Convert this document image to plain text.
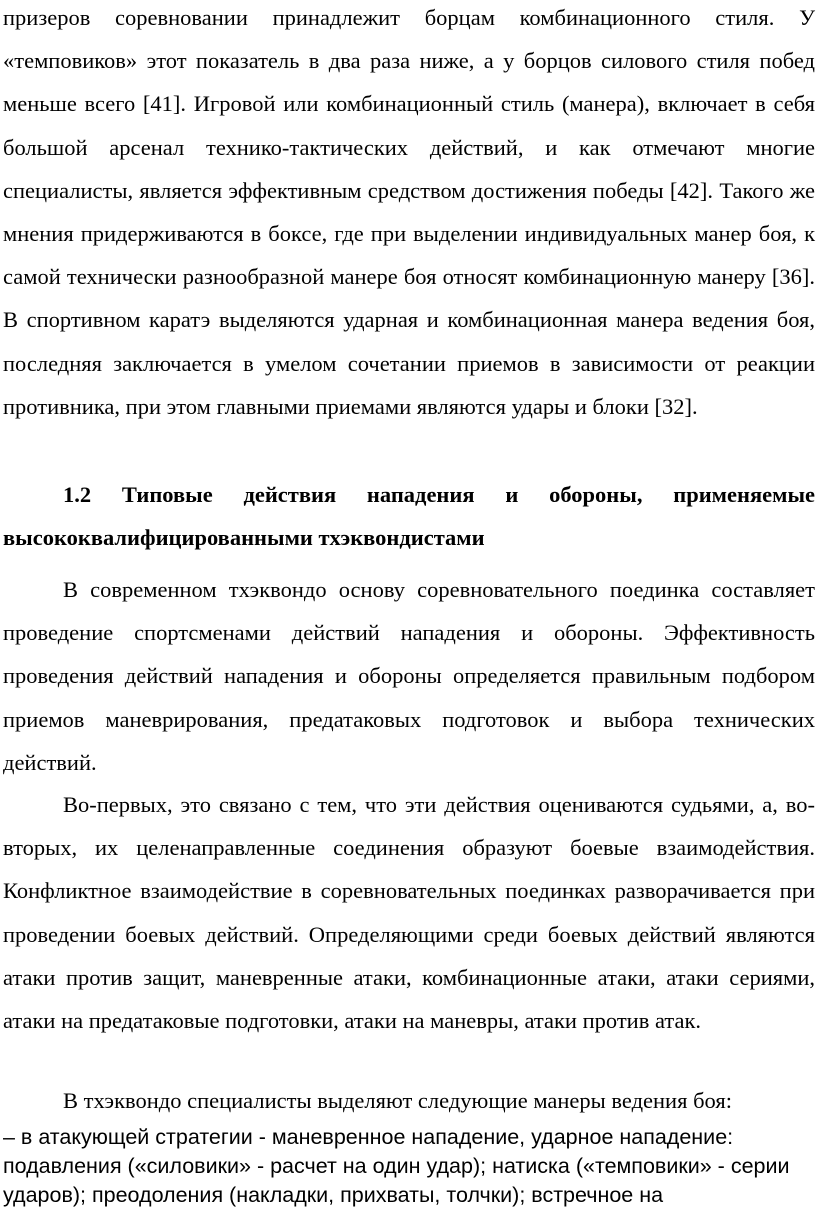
призеров соревновании принадлежит борцам комбинационного стиля. У «темповиков» этот показатель в два раза ниже, а у борцов силового стиля побед меньше всего [41]. Игровой или комбинационный стиль (манера), включает в себя большой арсенал технико-тактических действий, и как отмечают многие специалисты, является эффективным средством достижения победы [42]. Такого же мнения придерживаются в боксе, где при выделении индивидуальных манер боя, к самой технически разнообразной манере боя относят комбинационную манеру [36]. В спортивном каратэ выделяются ударная и комбинационная манера ведения боя, последняя заключается в умелом сочетании приемов в зависимости от реакции противника, при этом главными приемами являются удары и блоки [32].

1.2 Типовые действия нападения и обороны, применяемые высококвалифицированными тхэквондистами

В современном тхэквондо основу соревновательного поединка составляет проведение спортсменами действий нападения и обороны. Эффективность проведения действий нападения и обороны определяется правильным подбором приемов маневрирования, предатаковых подготовок и выбора технических действий.

Во-первых, это связано с тем, что эти действия оцениваются судьями, а, во-вторых, их целенаправленные соединения образуют боевые взаимодействия. Конфликтное взаимодействие в соревновательных поединках разворачивается при проведении боевых действий. Определяющими среди боевых действий являются атаки против защит, маневренные атаки, комбинационные атаки, атаки сериями, атаки на предатаковые подготовки, атаки на маневры, атаки против атак.

В тхэквондо специалисты выделяют следующие манеры ведения боя:

– в атакующей стратегии - маневренное нападение, ударное нападение: подавления («силовики» - расчет на один удар); натиска («темповики» - серии ударов); преодоления (накладки, прихваты, толчки); встречное на
